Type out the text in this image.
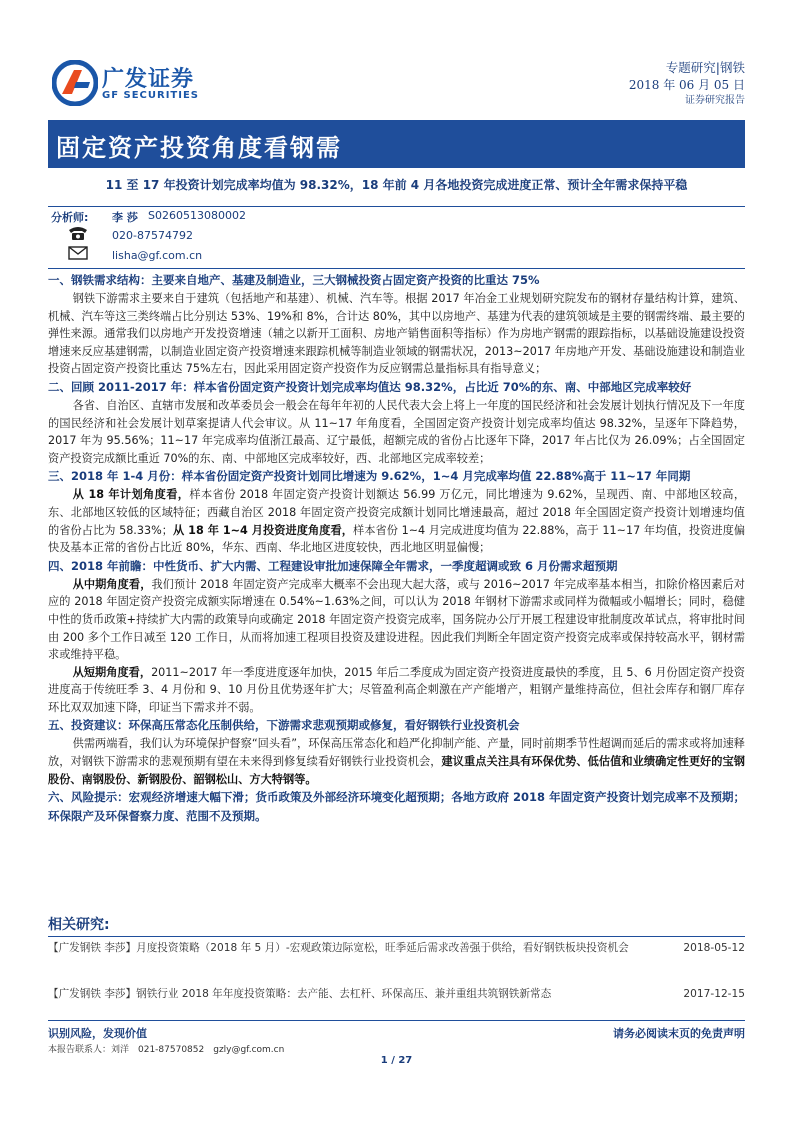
广发证券
GF SECURITIES
专题研究|钢铁
2018 年 06 月 05 日
证券研究报告
固定资产投资角度看钢需
11 至 17 年投资计划完成率均值为 98.32%，18 年前 4 月各地投资完成进度正常、预计全年需求保持平稳
分析师: 李 莎 S0260513080002
020-87574792
lisha@gf.com.cn
一、钢铁需求结构：主要来自地产、基建及制造业，三大钢械投资占固定资产投资的比重达 75%
钢铁下游需求主要来自于建筑（包括地产和基建）、机械、汽车等。根据 2017 年冶金工业规划研究院发布的钢材存量结构计算，建筑、机械、汽车等这三类终端占比分别达 53%、19%和 8%，合计达 80%，其中以房地产、基建为代表的建筑领域是主要的钢需终端、最主要的弹性来源。通常我们以房地产开发投资增速（辅之以新开工面积、房地产销售面积等指标）作为房地产钢需的跟踪指标，以基础设施建设投资增速来反应基建钢需，以制造业固定资产投资增速来跟踪机械等制造业领域的钢需状况，2013~2017 年房地产开发、基础设施建设和制造业投资占固定资产投资比重达 75%左右，因此采用固定资产投资作为反应钢需总量指标具有指导意义；
二、回顾 2011-2017 年：样本省份固定资产投资计划完成率均值达 98.32%，占比近 70%的东、南、中部地区完成率较好
各省、自治区、直辖市发展和改革委员会一般会在每年年初的人民代表大会上将上一年度的国民经济和社会发展计划执行情况及下一年度的国民经济和社会发展计划草案提请人代会审议。从 11~17 年角度看，全国固定资产投资计划完成率均值达 98.32%，呈逐年下降趋势，2017 年为 95.56%；11~17 年完成率均值浙江最高、辽宁最低，超额完成的省份占比逐年下降，2017 年占比仅为 26.09%；占全国固定资产投资完成额比重近 70%的东、南、中部地区完成率较好，西、北部地区完成率较差；
三、2018 年 1-4 月份：样本省份固定资产投资计划同比增速为 9.62%，1~4 月完成率均值 22.88%高于 11~17 年同期
从 18 年计划角度看，样本省份 2018 年固定资产投资计划额达 56.99 万亿元，同比增速为 9.62%，呈现西、南、中部地区较高，东、北部地区较低的区域特征；西藏自治区 2018 年固定资产投资完成额计划同比增速最高，超过 2018 年全国固定资产投资计划增速均值的省份占比为 58.33%；从 18 年 1~4 月投资进度角度看，样本省份 1~4 月完成进度均值为 22.88%，高于 11~17 年均值，投资进度偏快及基本正常的省份占比近 80%，华东、西南、华北地区进度较快，西北地区明显偏慢；
四、2018 年前瞻：中性货币、扩大内需、工程建设审批加速保障全年需求，一季度超调或致 6 月份需求超预期
从中期角度看，我们预计 2018 年固定资产完成率大概率不会出现大起大落，或与 2016~2017 年完成率基本相当，扣除价格因素后对应的 2018 年固定资产投资完成额实际增速在 0.54%~1.63%之间，可以认为 2018 年钢材下游需求或同样为微幅或小幅增长；同时，稳健中性的货币政策+持续扩大内需的政策导向或确定 2018 年固定资产投资完成率，国务院办公厅开展工程建设审批制度改革试点，将审批时间由 200 多个工作日减至 120 工作日，从而将加速工程项目投资及建设进程。因此我们判断全年固定资产投资完成率或保持较高水平，钢材需求或维持平稳。
从短期角度看，2011~2017 年一季度进度逐年加快，2015 年后二季度成为固定资产投资进度最快的季度，且 5、6 月份固定资产投资进度高于传统旺季 3、4 月份和 9、10 月份且优势逐年扩大；尽管盈利高企刺激在产产能增产，粗钢产量维持高位，但社会库存和钢厂库存环比双双加速下降，印证当下需求并不弱。
五、投资建议：环保高压常态化压制供给，下游需求悲观预期或修复，看好钢铁行业投资机会
供需两端看，我们认为环境保护督察“回头看”，环保高压常态化和趋严化抑制产能、产量，同时前期季节性超调而延后的需求或将加速释放，对钢铁下游需求的悲观预期有望在未来得到修复续看好钢铁行业投资机会，建议重点关注具有环保优势、低估值和业绩确定性更好的宝钢股份、南钢股份、新钢股份、韶钢松山、方大特钢等。
六、风险提示：宏观经济增速大幅下滑；货币政策及外部经济环境变化超预期；各地方政府 2018 年固定资产投资计划完成率不及预期；环保限产及环保督察力度、范围不及预期。
相关研究:
【广发钢铁 李莎】月度投资策略（2018 年 5 月）-宏观政策边际宽松，旺季延后需求改善强于供给，看好钢铁板块投资机会	2018-05-12
【广发钢铁 李莎】钢铁行业 2018 年年度投资策略：去产能、去杠杆、环保高压、兼并重组共筑钢铁新常态	2017-12-15
识别风险，发现价值
本报告联系人：刘洋　021-87570852　gzly@gf.com.cn
请务必阅读末页的免责声明
1 / 27
